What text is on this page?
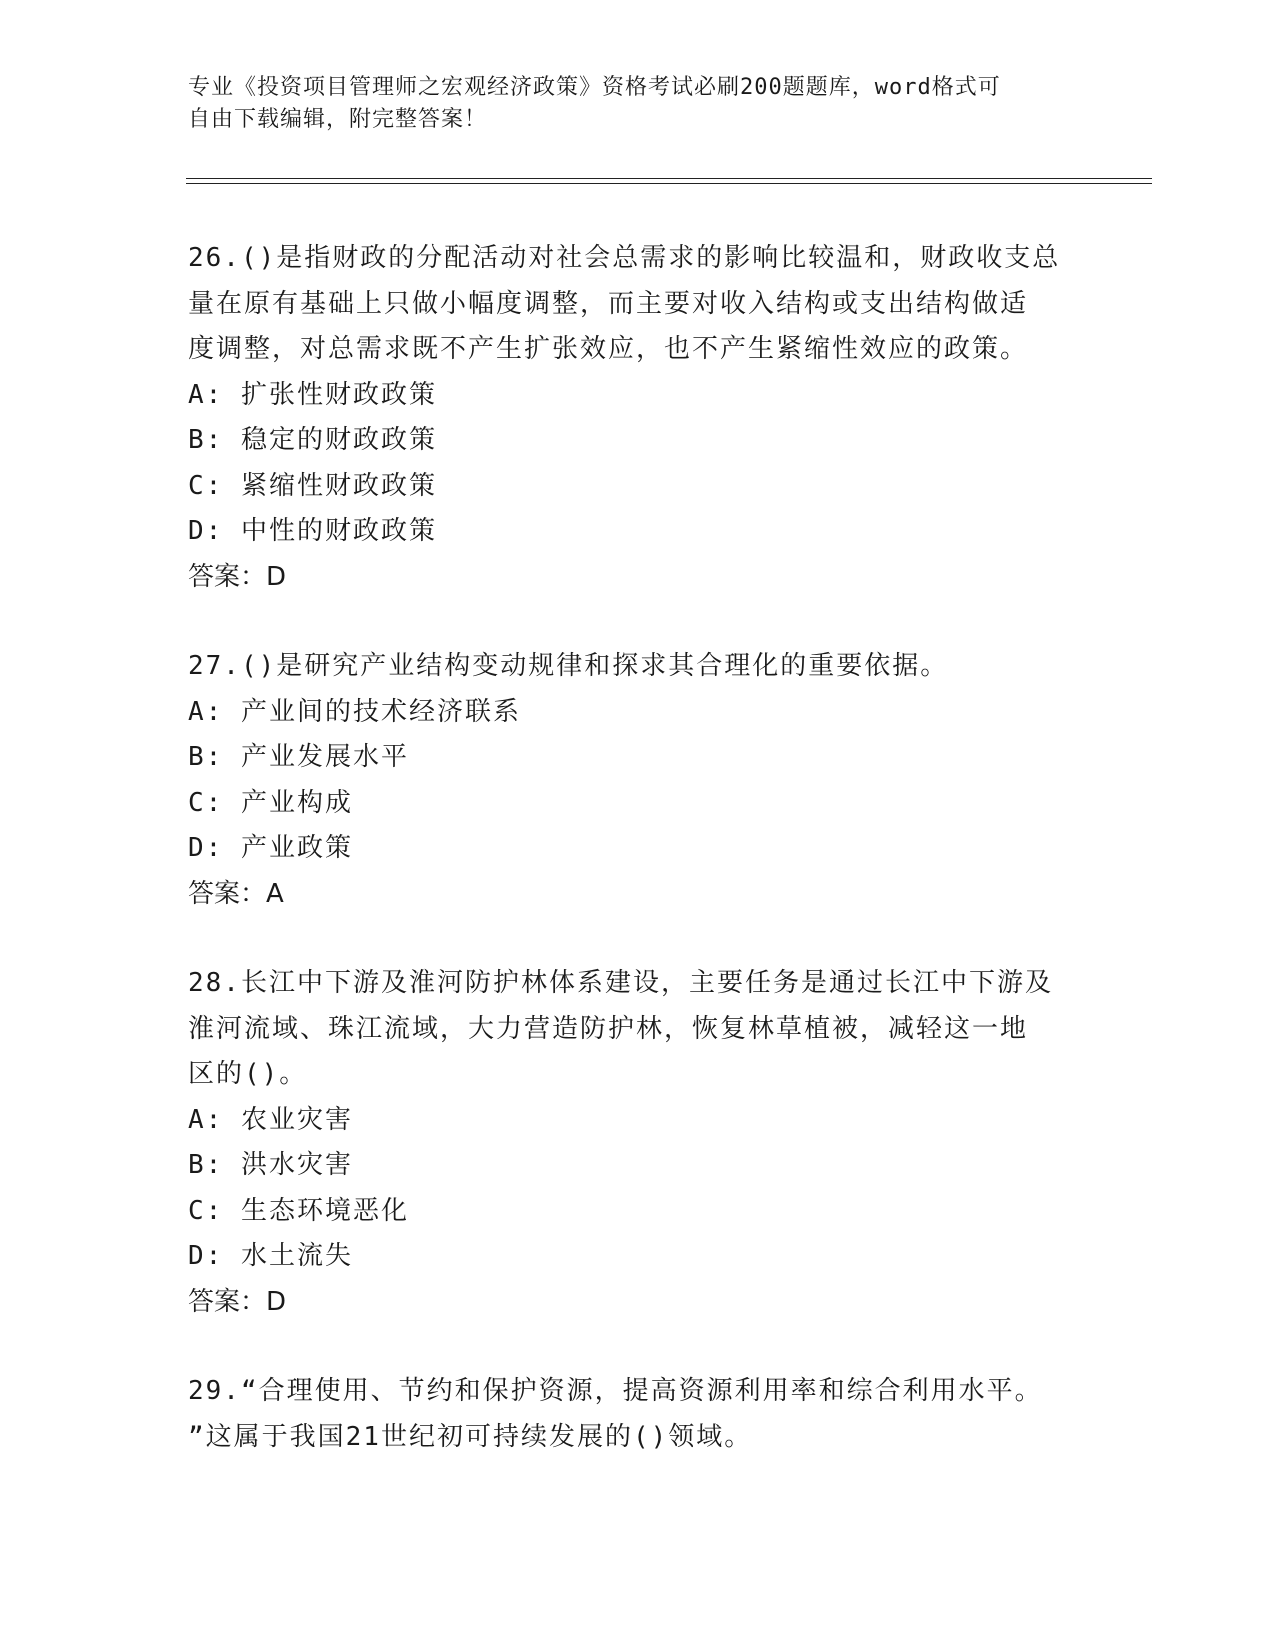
专业《投资项目管理师之宏观经济政策》资格考试必刷200题题库，word格式可
自由下载编辑，附完整答案！
26.()是指财政的分配活动对社会总需求的影响比较温和，财政收支总
量在原有基础上只做小幅度调整，而主要对收入结构或支出结构做适
度调整，对总需求既不产生扩张效应，也不产生紧缩性效应的政策。
A: 扩张性财政政策
B: 稳定的财政政策
C: 紧缩性财政政策
D: 中性的财政政策
答案：D
27.()是研究产业结构变动规律和探求其合理化的重要依据。
A: 产业间的技术经济联系
B: 产业发展水平
C: 产业构成
D: 产业政策
答案：A
28.长江中下游及淮河防护林体系建设，主要任务是通过长江中下游及
淮河流域、珠江流域，大力营造防护林，恢复林草植被，减轻这一地
区的()。
A: 农业灾害
B: 洪水灾害
C: 生态环境恶化
D: 水土流失
答案：D
29.“合理使用、节约和保护资源，提高资源利用率和综合利用水平。
”这属于我国21世纪初可持续发展的()领域。
